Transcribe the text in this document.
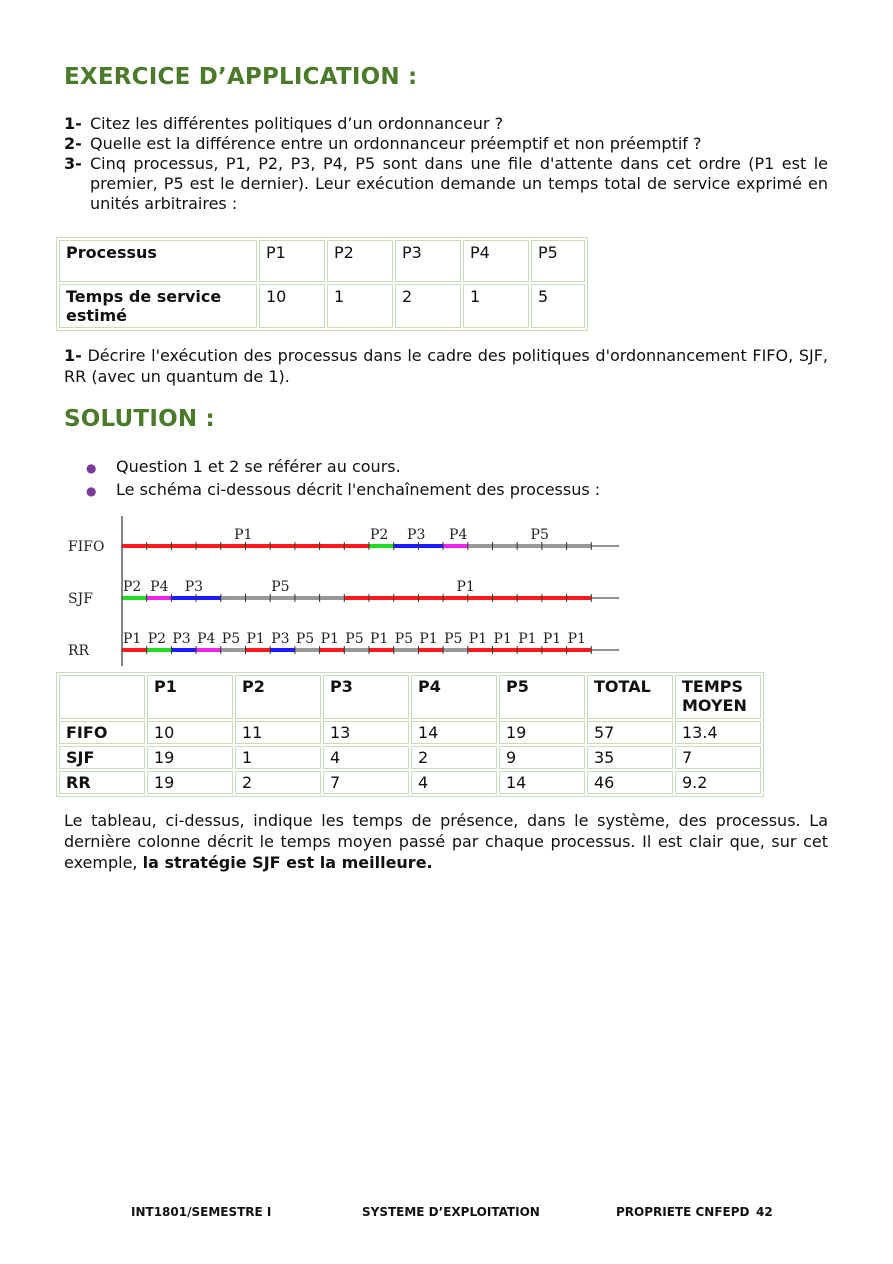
EXERCICE D’APPLICATION :
1- Citez les différentes politiques d’un ordonnanceur ?
2- Quelle est la différence entre un ordonnanceur préemptif et non préemptif ?
3- Cinq processus, P1, P2, P3, P4, P5 sont dans une file d'attente dans cet ordre (P1 est le premier, P5 est le dernier). Leur exécution demande un temps total de service exprimé en unités arbitraires :
Processus	P1	P2	P3	P4	P5
Temps de service estimé	10	1	2	1	5
1- Décrire l'exécution des processus dans le cadre des politiques d'ordonnancement FIFO, SJF, RR (avec un quantum de 1).
SOLUTION :
●	Question 1 et 2 se référer au cours.
●	Le schéma ci-dessous décrit l'enchaînement des processus :
FIFO
P1	P2 P3 P4	P5
SJF
P2 P4 P3	P5	P1
RR
P1 P2 P3 P4 P5 P1 P3 P5 P1 P5 P1 P5 P1 P5 P1 P1 P1 P1 P1
	P1	P2	P3	P4	P5	TOTAL	TEMPS MOYEN
FIFO	10	11	13	14	19	57	13.4
SJF	19	1	4	2	9	35	7
RR	19	2	7	4	14	46	9.2
Le tableau, ci-dessus, indique les temps de présence, dans le système, des processus. La dernière colonne décrit le temps moyen passé par chaque processus. Il est clair que, sur cet exemple, la stratégie SJF est la meilleure.
INT1801/SEMESTRE I	SYSTEME D’EXPLOITATION	PROPRIETE CNFEPD 42
